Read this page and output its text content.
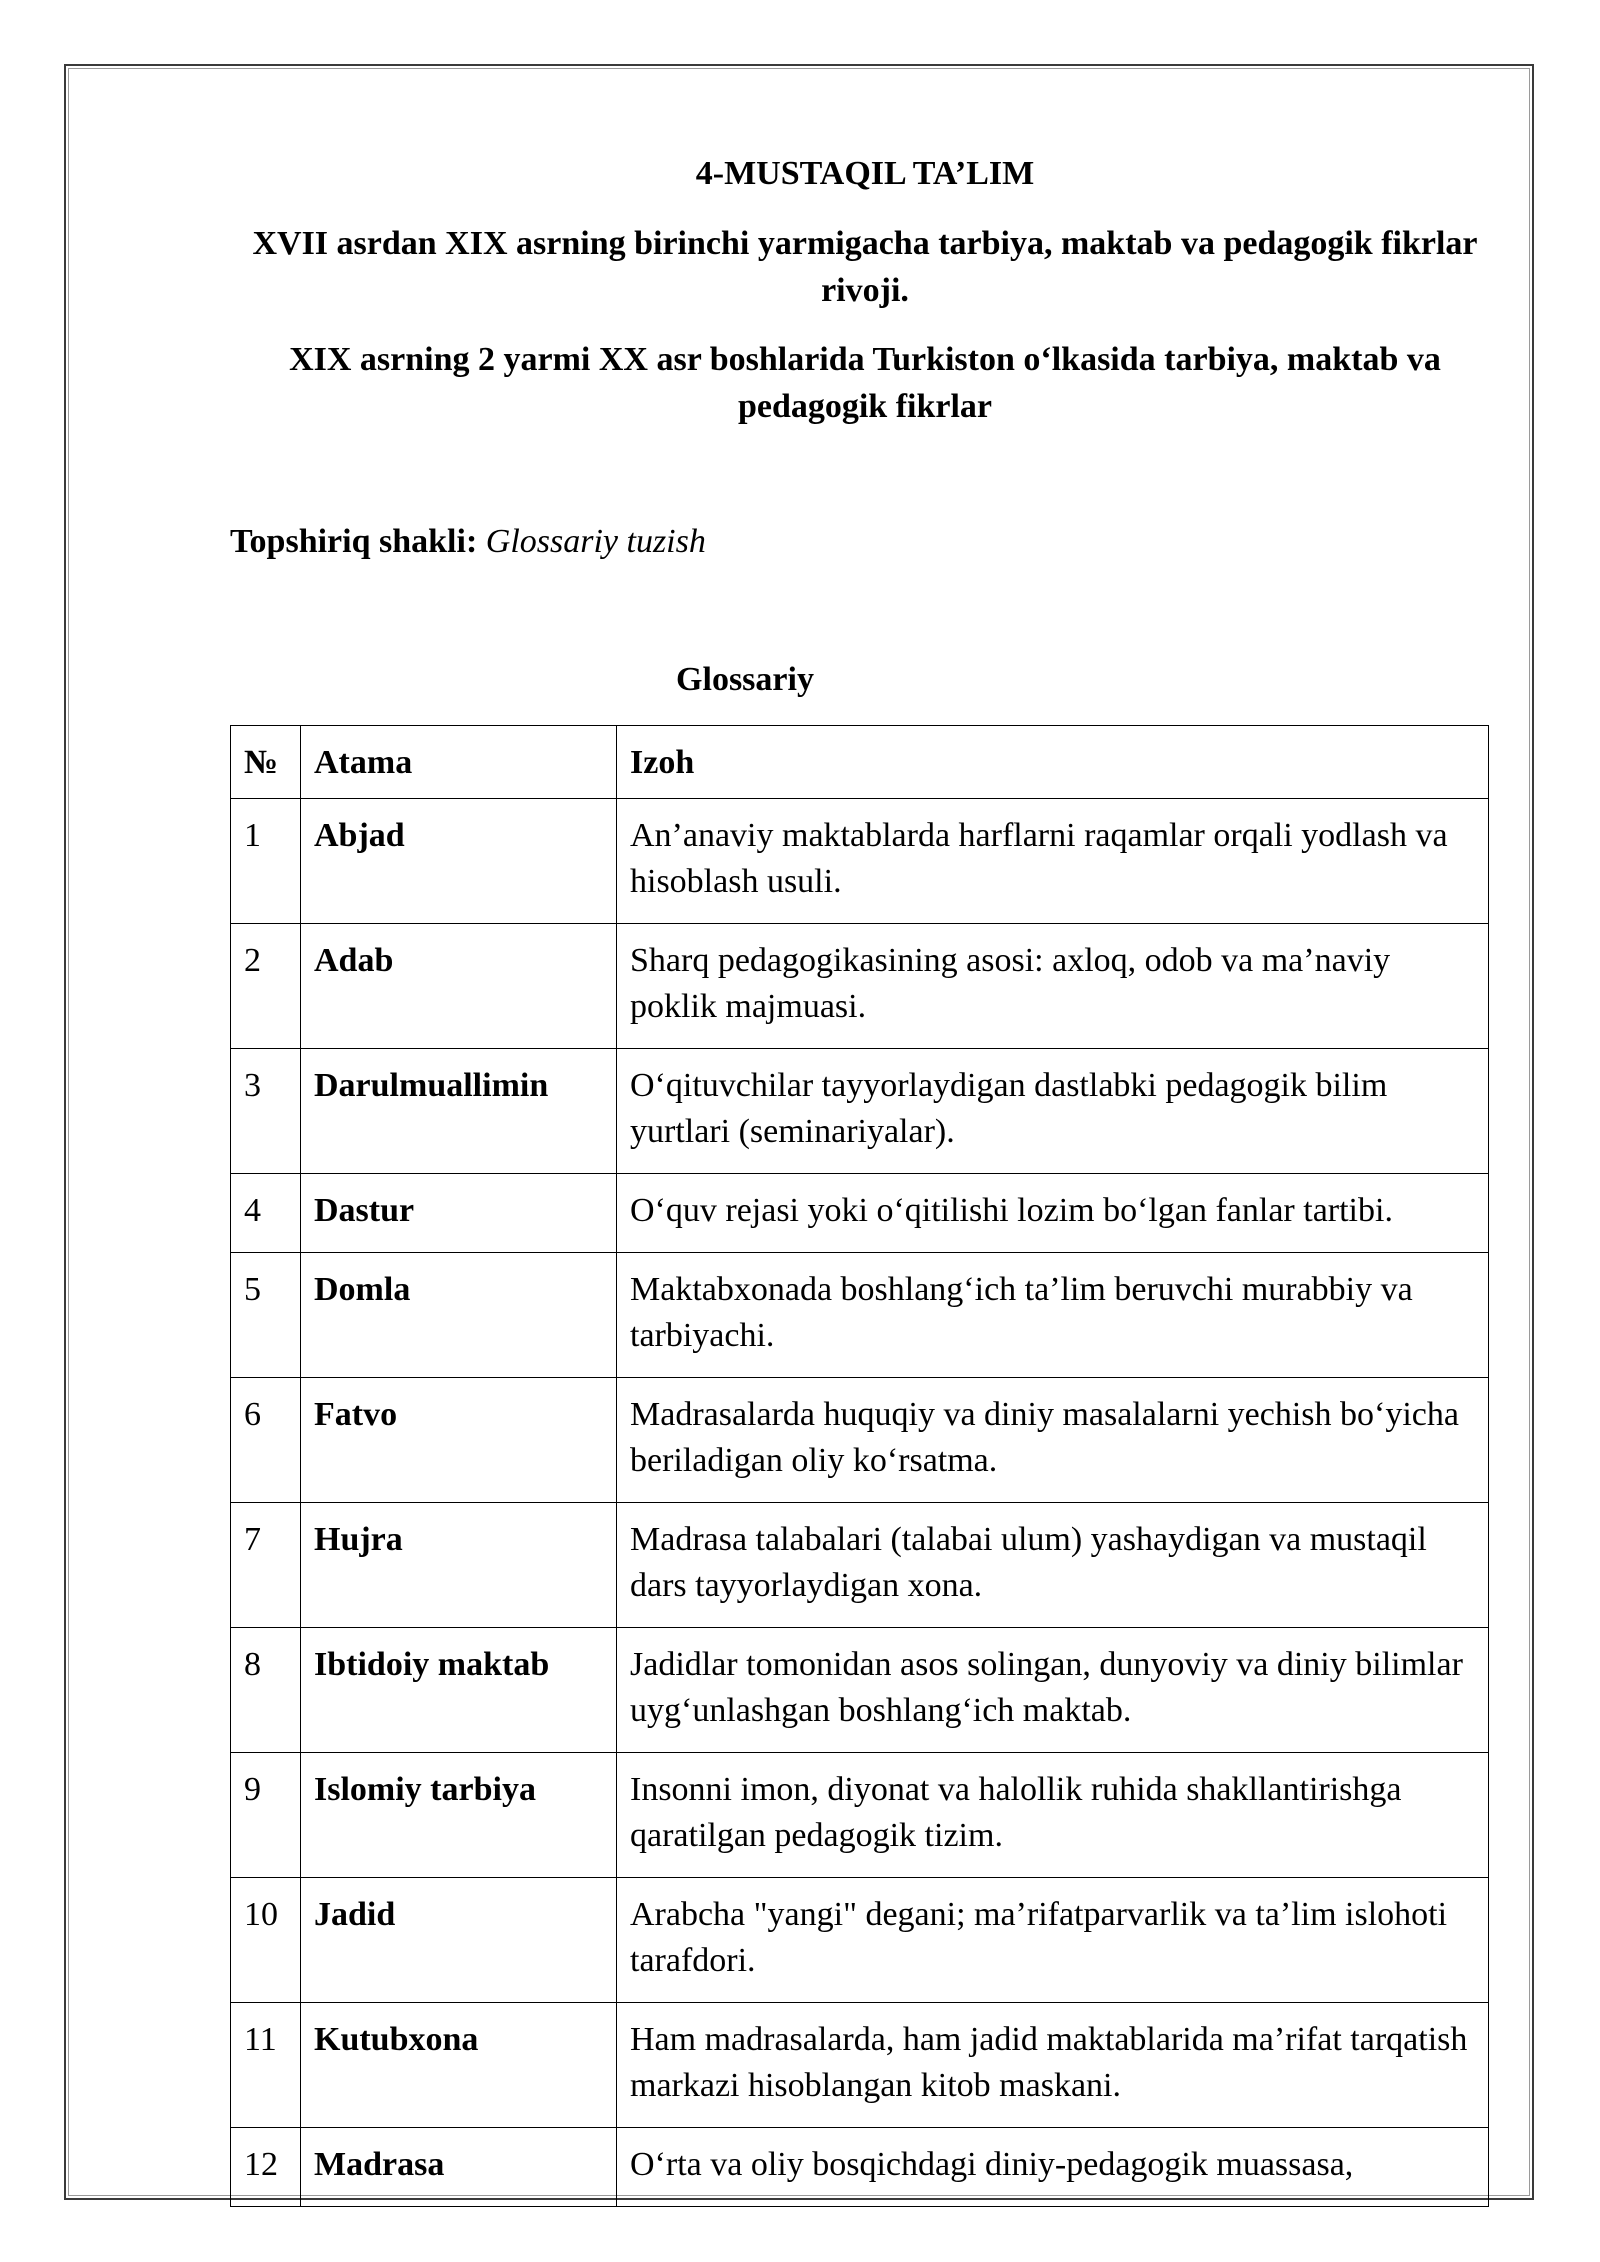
4-MUSTAQIL TA’LIM
XVII asrdan XIX asrning birinchi yarmigacha tarbiya, maktab va pedagogik fikrlar rivoji.
XIX asrning 2 yarmi XX asr boshlarida Turkiston o‘lkasida tarbiya, maktab va pedagogik fikrlar
Topshiriq shakli: Glossariy tuzish
Glossariy
№	Atama	Izoh
1	Abjad	An’anaviy maktablarda harflarni raqamlar orqali yodlash va hisoblash usuli.
2	Adab	Sharq pedagogikasining asosi: axloq, odob va ma’naviy poklik majmuasi.
3	Darulmuallimin	O‘qituvchilar tayyorlaydigan dastlabki pedagogik bilim yurtlari (seminariyalar).
4	Dastur	O‘quv rejasi yoki o‘qitilishi lozim bo‘lgan fanlar tartibi.
5	Domla	Maktabxonada boshlang‘ich ta’lim beruvchi murabbiy va tarbiyachi.
6	Fatvo	Madrasalarda huquqiy va diniy masalalarni yechish bo‘yicha beriladigan oliy ko‘rsatma.
7	Hujra	Madrasa talabalari (talabai ulum) yashaydigan va mustaqil dars tayyorlaydigan xona.
8	Ibtidoiy maktab	Jadidlar tomonidan asos solingan, dunyoviy va diniy bilimlar uyg‘unlashgan boshlang‘ich maktab.
9	Islomiy tarbiya	Insonni imon, diyonat va halollik ruhida shakllantirishga qaratilgan pedagogik tizim.
10	Jadid	Arabcha "yangi" degani; ma’rifatparvarlik va ta’lim islohoti tarafdori.
11	Kutubxona	Ham madrasalarda, ham jadid maktablarida ma’rifat tarqatish markazi hisoblangan kitob maskani.
12	Madrasa	O‘rta va oliy bosqichdagi diniy-pedagogik muassasa,
